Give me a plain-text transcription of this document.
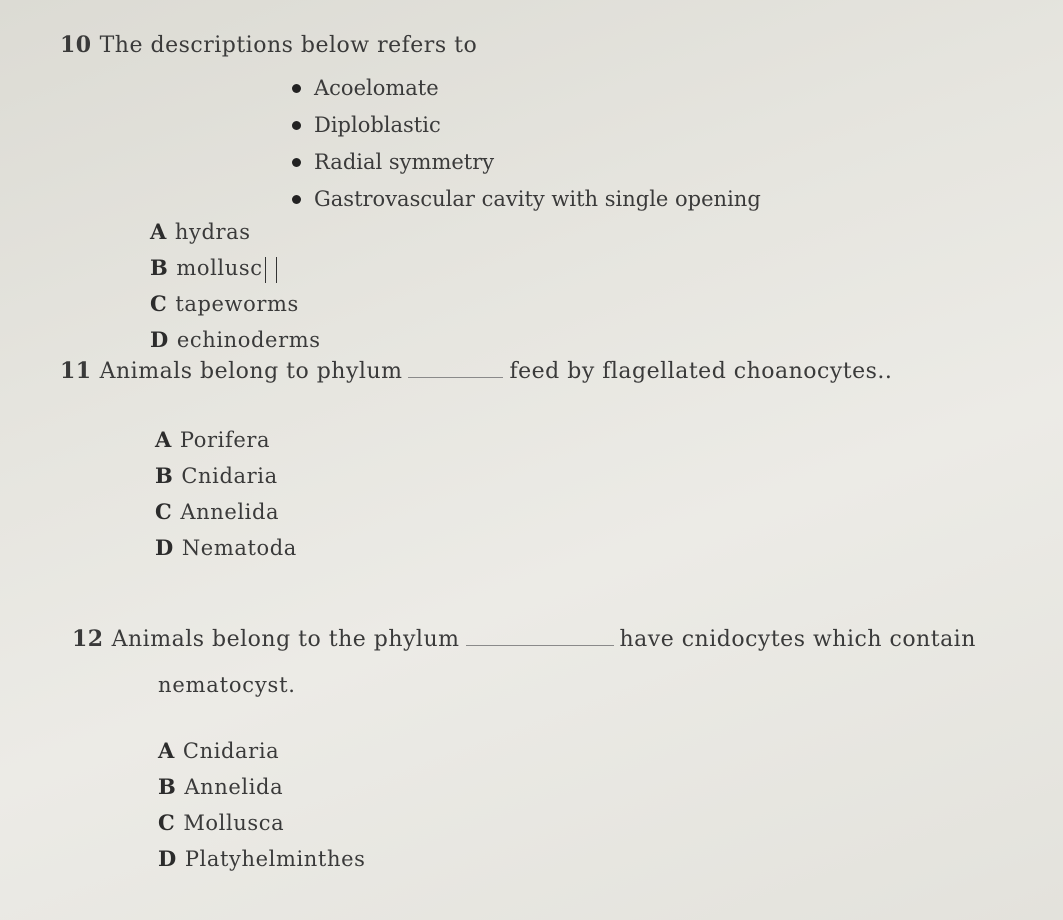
10 The descriptions below refers to
Acoelomate
Diploblastic
Radial symmetry
Gastrovascular cavity with single opening
A hydras
B mollusc
C tapeworms
D echinoderms
11 Animals belong to phylum	feed by flagellated choanocytes..
A Porifera
B Cnidaria
C Annelida
D Nematoda
12 Animals belong to the phylum	have cnidocytes which contain
nematocyst.
A Cnidaria
B Annelida
C Mollusca
D Platyhelminthes
